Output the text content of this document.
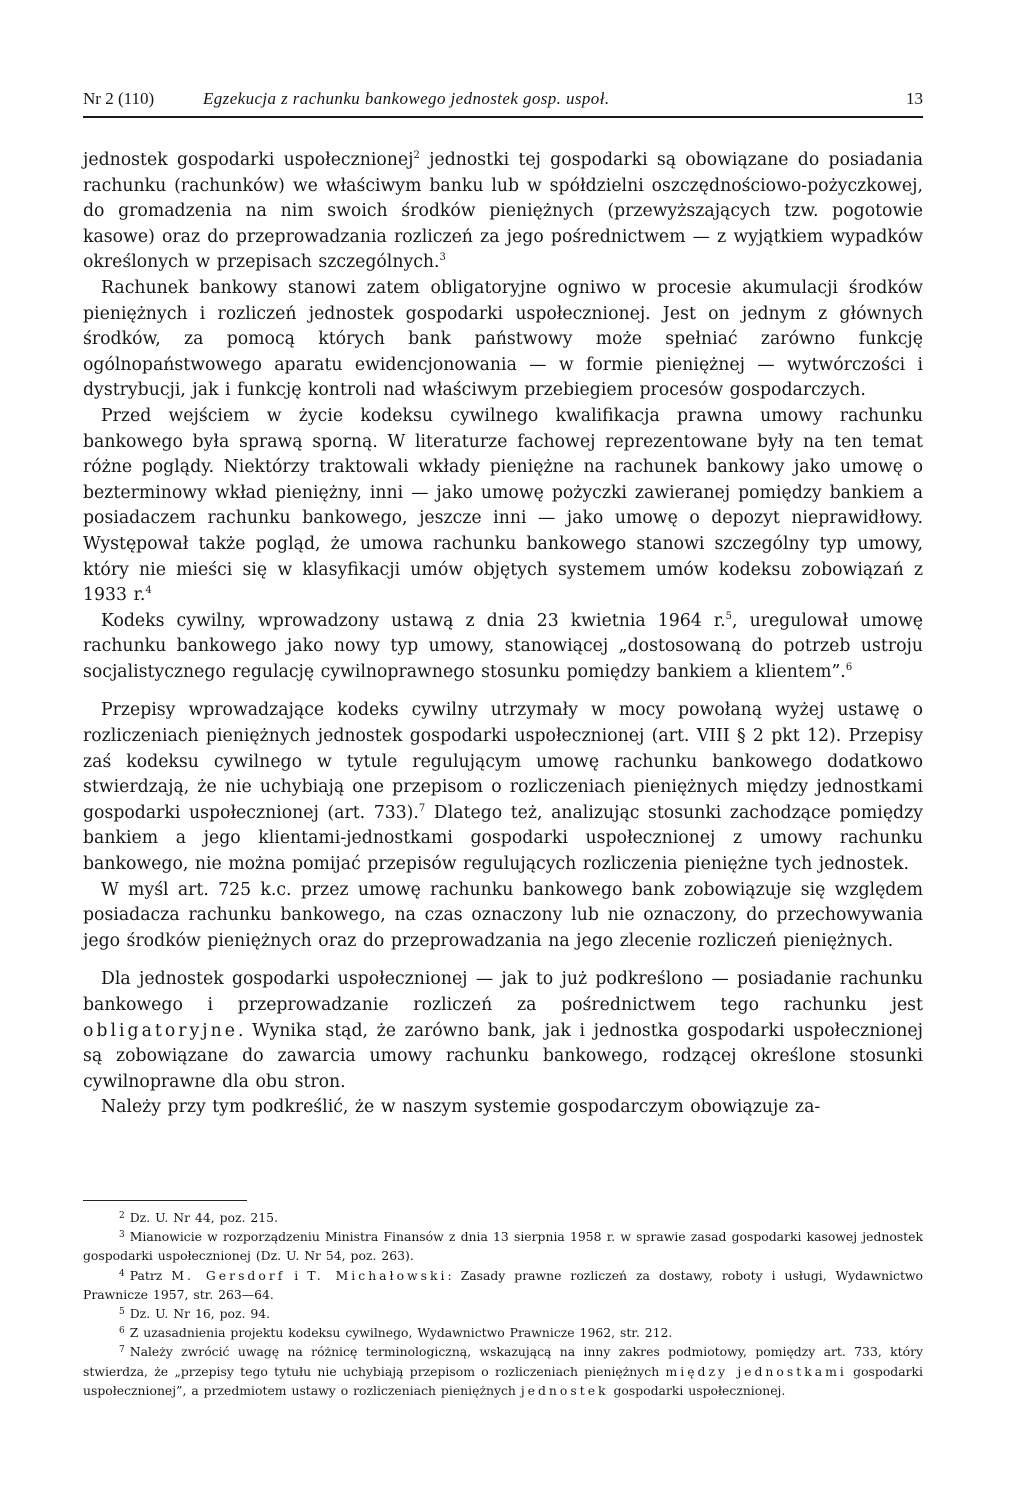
Nr 2 (110)	Egzekucja z rachunku bankowego jednostek gosp. uspoł.	13

jednostek gospodarki uspołecznionej$^2$ jednostki tej gospodarki są obowiązane do posiadania rachunku (rachunków) we właściwym banku lub w spółdzielni oszczędnościowo-pożyczkowej, do gromadzenia na nim swoich środków pieniężnych (przewyższających tzw. pogotowie kasowe) oraz do przeprowadzania rozliczeń za jego pośrednictwem — z wyjątkiem wypadków określonych w przepisach szczególnych.$^3$

Rachunek bankowy stanowi zatem obligatoryjne ogniwo w procesie akumulacji środków pieniężnych i rozliczeń jednostek gospodarki uspołecznionej. Jest on jednym z głównych środków, za pomocą których bank państwowy może spełniać zarówno funkcję ogólnopaństwowego aparatu ewidencjonowania — w formie pieniężnej — wytwórczości i dystrybucji, jak i funkcję kontroli nad właściwym przebiegiem procesów gospodarczych.

Przed wejściem w życie kodeksu cywilnego kwalifikacja prawna umowy rachunku bankowego była sprawą sporną. W literaturze fachowej reprezentowane były na ten temat różne poglądy. Niektórzy traktowali wkłady pieniężne na rachunek bankowy jako umowę o bezterminowy wkład pieniężny, inni — jako umowę pożyczki zawieranej pomiędzy bankiem a posiadaczem rachunku bankowego, jeszcze inni — jako umowę o depozyt nieprawidłowy. Występował także pogląd, że umowa rachunku bankowego stanowi szczególny typ umowy, który nie mieści się w klasyfikacji umów objętych systemem umów kodeksu zobowiązań z 1933 r.$^4$

Kodeks cywilny, wprowadzony ustawą z dnia 23 kwietnia 1964 r.$^5$, uregulował umowę rachunku bankowego jako nowy typ umowy, stanowiącej „dostosowaną do potrzeb ustroju socjalistycznego regulację cywilnoprawnego stosunku pomiędzy bankiem a klientem”.$^6$

Przepisy wprowadzające kodeks cywilny utrzymały w mocy powołaną wyżej ustawę o rozliczeniach pieniężnych jednostek gospodarki uspołecznionej (art. VIII § 2 pkt 12). Przepisy zaś kodeksu cywilnego w tytule regulującym umowę rachunku bankowego dodatkowo stwierdzają, że nie uchybiają one przepisom o rozliczeniach pieniężnych między jednostkami gospodarki uspołecznionej (art. 733).$^7$ Dlatego też, analizując stosunki zachodzące pomiędzy bankiem a jego klientami-jednostkami gospodarki uspołecznionej z umowy rachunku bankowego, nie można pomijać przepisów regulujących rozliczenia pieniężne tych jednostek.

W myśl art. 725 k.c. przez umowę rachunku bankowego bank zobowiązuje się względem posiadacza rachunku bankowego, na czas oznaczony lub nie oznaczony, do przechowywania jego środków pieniężnych oraz do przeprowadzania na jego zlecenie rozliczeń pieniężnych.

Dla jednostek gospodarki uspołecznionej — jak to już podkreślono — posiadanie rachunku bankowego i przeprowadzanie rozliczeń za pośrednictwem tego rachunku jest obligatoryjne. Wynika stąd, że zarówno bank, jak i jednostka gospodarki uspołecznionej są zobowiązane do zawarcia umowy rachunku bankowego, rodzącej określone stosunki cywilnoprawne dla obu stron.

Należy przy tym podkreślić, że w naszym systemie gospodarczym obowiązuje za-

2 Dz. U. Nr 44, poz. 215.

3 Mianowicie w rozporządzeniu Ministra Finansów z dnia 13 sierpnia 1958 r. w sprawie zasad gospodarki kasowej jednostek gospodarki uspołecznionej (Dz. U. Nr 54, poz. 263).

4 Patrz M. Gersdorf i T. Michałowski: Zasady prawne rozliczeń za dostawy, roboty i usługi, Wydawnictwo Prawnicze 1957, str. 263—64.

5 Dz. U. Nr 16, poz. 94.

6 Z uzasadnienia projektu kodeksu cywilnego, Wydawnictwo Prawnicze 1962, str. 212.

7 Należy zwrócić uwagę na różnicę terminologiczną, wskazującą na inny zakres podmiotowy, pomiędzy art. 733, który stwierdza, że „przepisy tego tytułu nie uchybiają przepisom o rozliczeniach pieniężnych między jednostkami gospodarki uspołecznionej”, a przedmiotem ustawy o rozliczeniach pieniężnych jednostek gospodarki uspołecznionej.
